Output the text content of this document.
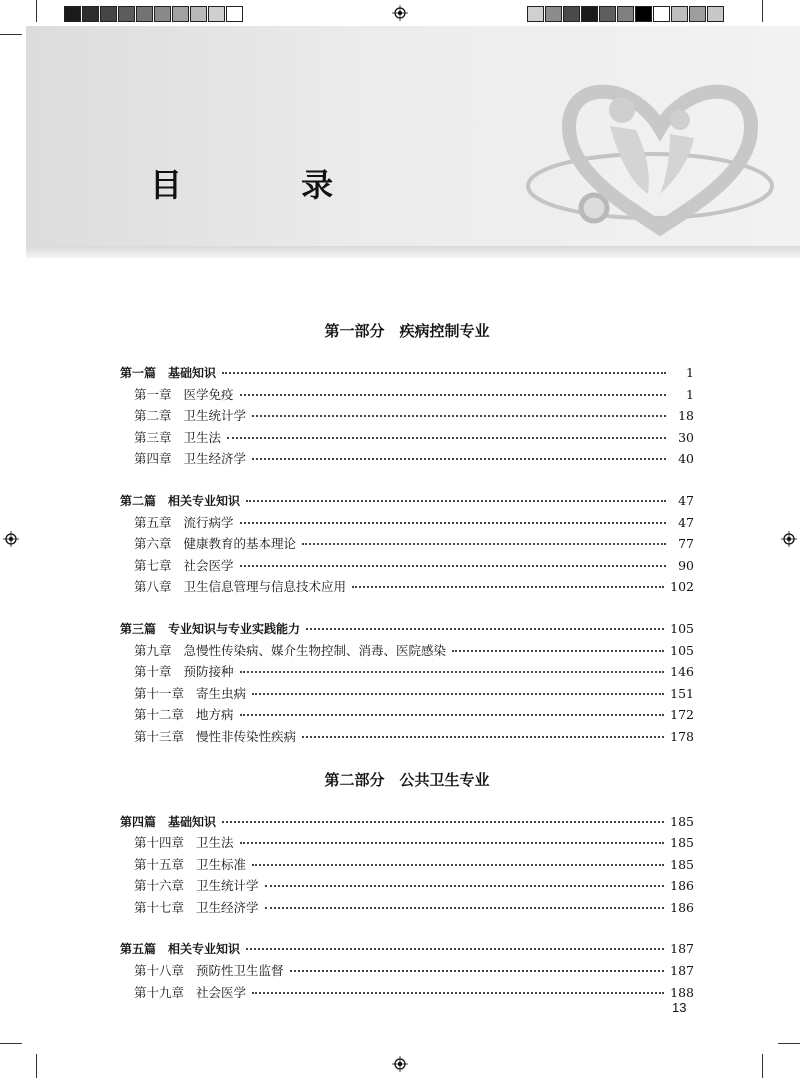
目 录
第一部分　疾病控制专业
第一篇 基础知识	1
第一章 医学免疫	1
第二章 卫生统计学	18
第三章 卫生法	30
第四章 卫生经济学	40
第二篇 相关专业知识	47
第五章 流行病学	47
第六章 健康教育的基本理论	77
第七章 社会医学	90
第八章 卫生信息管理与信息技术应用	102
第三篇 专业知识与专业实践能力	105
第九章 急慢性传染病、媒介生物控制、消毒、医院感染	105
第十章 预防接种	146
第十一章 寄生虫病	151
第十二章 地方病	172
第十三章 慢性非传染性疾病	178
第二部分　公共卫生专业
第四篇 基础知识	185
第十四章 卫生法	185
第十五章 卫生标准	185
第十六章 卫生统计学	186
第十七章 卫生经济学	186
第五篇 相关专业知识	187
第十八章 预防性卫生监督	187
第十九章 社会医学	188
13
